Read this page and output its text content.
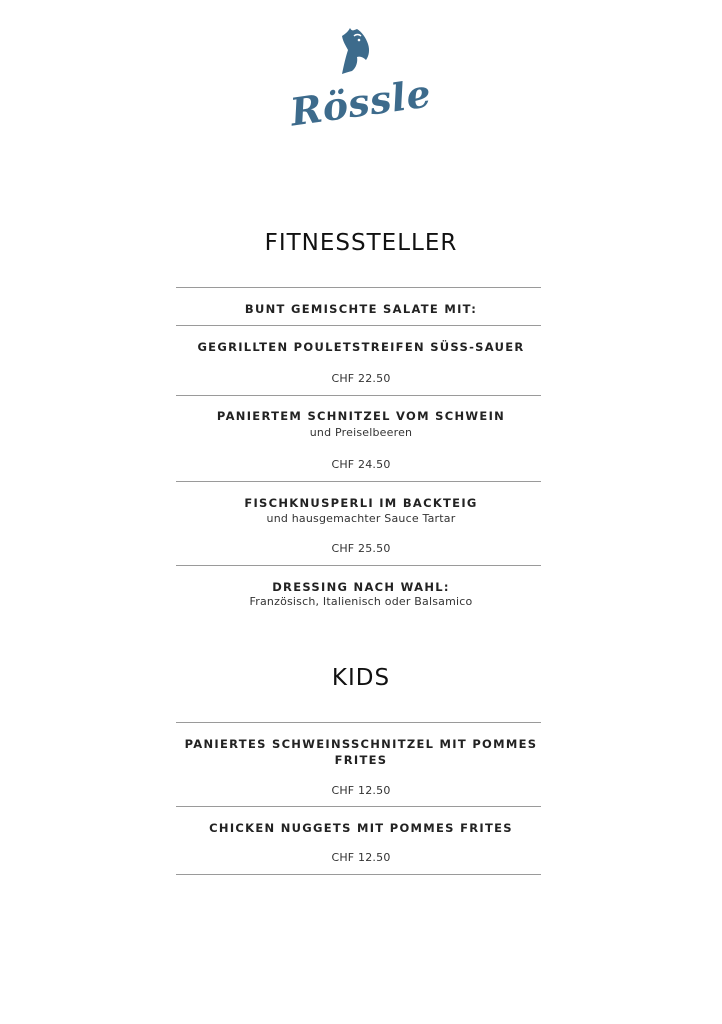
Rössle
FITNESSTELLER
BUNT GEMISCHTE SALATE MIT:
GEGRILLTEN POULETSTREIFEN SÜSS-SAUER
CHF 22.50
PANIERTEM SCHNITZEL VOM SCHWEIN
und Preiselbeeren
CHF 24.50
FISCHKNUSPERLI IM BACKTEIG
und hausgemachter Sauce Tartar
CHF 25.50
DRESSING NACH WAHL:
Französisch, Italienisch oder Balsamico
KIDS
PANIERTES SCHWEINSSCHNITZEL MIT POMMES
FRITES
CHF 12.50
CHICKEN NUGGETS MIT POMMES FRITES
CHF 12.50
